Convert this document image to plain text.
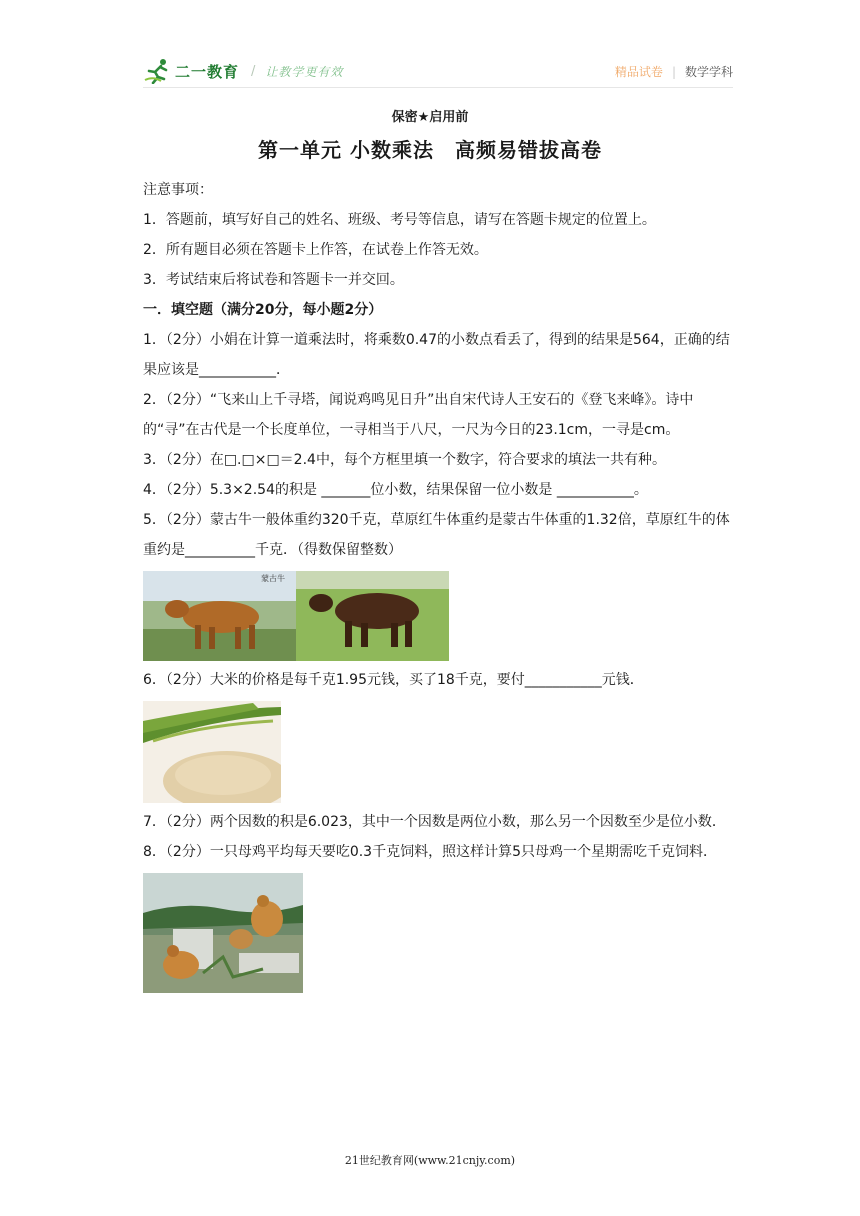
二一教育 / 让教学更有效	精品试卷 | 数学学科
保密★启用前
第一单元 小数乘法　高频易错拔高卷

注意事项：

1．答题前，填写好自己的姓名、班级、考号等信息，请写在答题卡规定的位置上。

2．所有题目必须在答题卡上作答，在试卷上作答无效。

3．考试结束后将试卷和答题卡一并交回。

一．填空题（满分20分，每小题2分）

1．（2分）小娟在计算一道乘法时，将乘数0.47的小数点看丢了，得到的结果是564，正确的结果应该是___________．

2．（2分）“飞来山上千寻塔，闻说鸡鸣见日升”出自宋代诗人王安石的《登飞来峰》。诗中的“寻”在古代是一个长度单位，一寻相当于八尺，一尺为今日的23.1cm，一寻是cm。

3．（2分）在□.□×□＝2.4中，每个方框里填一个数字，符合要求的填法一共有种。

4．（2分）5.3×2.54的积是 _______位小数，结果保留一位小数是 ___________。

5．（2分）蒙古牛一般体重约320千克，草原红牛体重约是蒙古牛体重的1.32倍，草原红牛的体重约是__________千克．（得数保留整数）

蒙古牛

6．（2分）大米的价格是每千克1.95元钱，买了18千克，要付___________元钱．

7．（2分）两个因数的积是6.023，其中一个因数是两位小数，那么另一个因数至少是位小数．

8．（2分）一只母鸡平均每天要吃0.3千克饲料，照这样计算5只母鸡一个星期需吃千克饲料．

21世纪教育网(www.21cnjy.com)
